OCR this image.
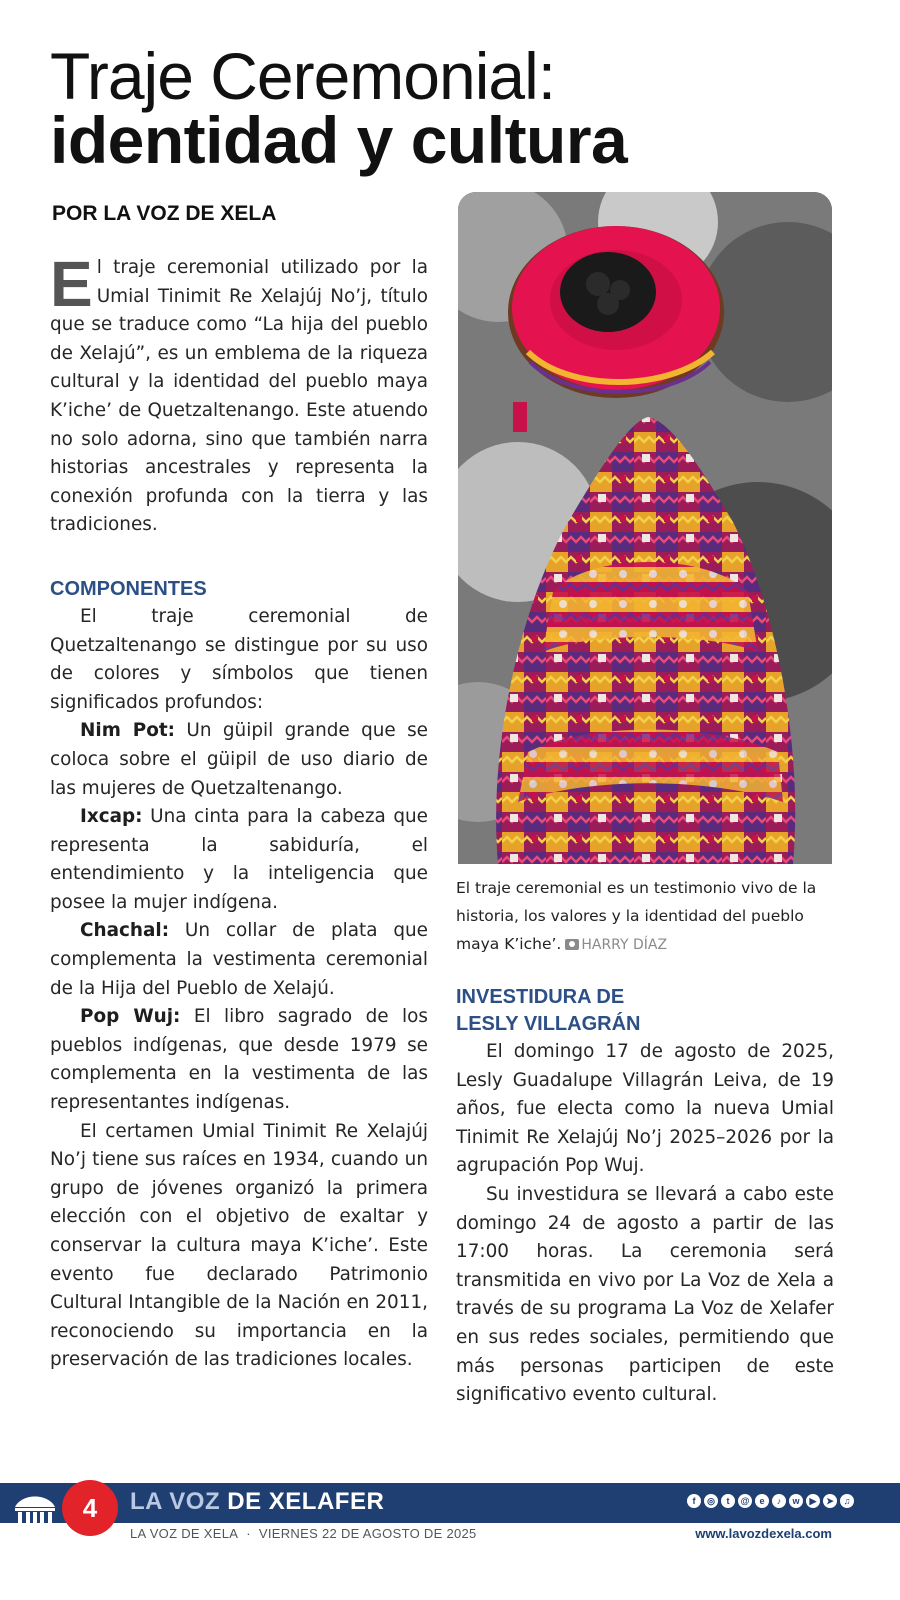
Traje Ceremonial:
identidad y cultura
POR LA VOZ DE XELA

El traje ceremonial utilizado por la Umial Tinimit Re Xelajúj No’j, título que se traduce como “La hija del pueblo de Xelajú”, es un emblema de la riqueza cultural y la identidad del pueblo maya K’iche’ de Quetzaltenango. Este atuendo no solo adorna, sino que también narra historias ancestrales y representa la conexión profunda con la tierra y las tradiciones.

COMPONENTES

El traje ceremonial de Quetzaltenango se distingue por su uso de colores y símbolos que tienen significados profundos:

Nim Pot: Un güipil grande que se coloca sobre el güipil de uso diario de las mujeres de Quetzaltenango.

Ixcap: Una cinta para la cabeza que representa la sabiduría, el entendimiento y la inteligencia que posee la mujer indígena.

Chachal: Un collar de plata que complementa la vestimenta ceremonial de la Hija del Pueblo de Xelajú.

Pop Wuj: El libro sagrado de los pueblos indígenas, que desde 1979 se complementa en la vestimenta de las representantes indígenas.

El certamen Umial Tinimit Re Xelajúj No’j tiene sus raíces en 1934, cuando un grupo de jóvenes organizó la primera elección con el objetivo de exaltar y conservar la cultura maya K’iche’. Este evento fue declarado Patrimonio Cultural Intangible de la Nación en 2011, reconociendo su importancia en la preservación de las tradiciones locales.

El traje ceremonial es un testimonio vivo de la historia, los valores y la identidad del pueblo maya K’iche’. HARRY DÍAZ
INVESTIDURA DE
LESLY VILLAGRÁN

El domingo 17 de agosto de 2025, Lesly Guadalupe Villagrán Leiva, de 19 años, fue electa como la nueva Umial Tinimit Re Xelajúj No’j 2025–2026 por la agrupación Pop Wuj.

Su investidura se llevará a cabo este domingo 24 de agosto a partir de las 17:00 horas. La ceremonia será transmitida en vivo por La Voz de Xela a través de su programa La Voz de Xelafer en sus redes sociales, permitiendo que más personas participen de este significativo evento cultural.

4	LA VOZ DE XELAFER	f	◎	t	@	e	♪	w	▶	➤	♫
LA VOZ DE XELA · VIERNES 22 DE AGOSTO DE 2025	www.lavozdexela.com
